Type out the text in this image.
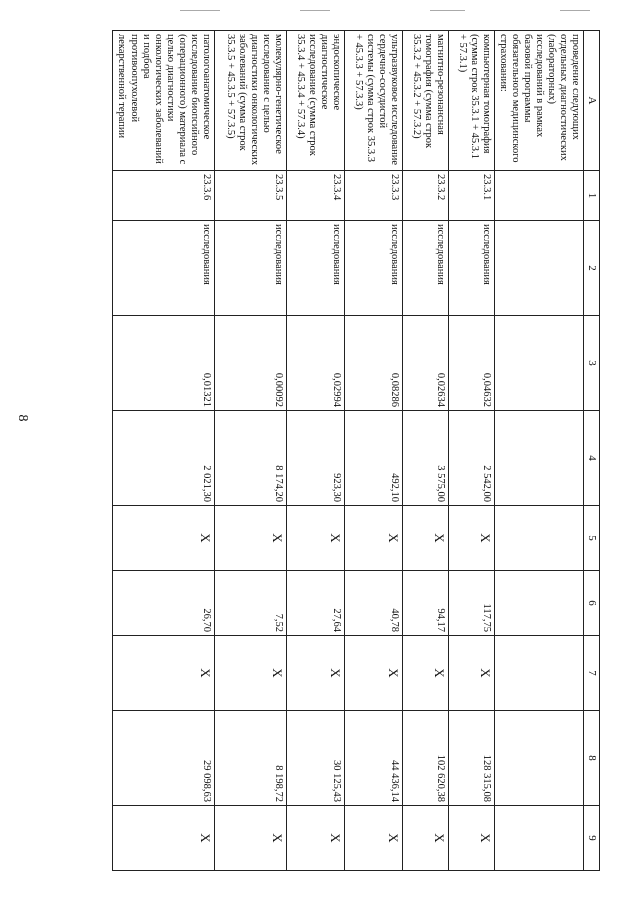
8
А	1	2	3	4	5	6	7	8	9
проведение следующих отдельных диагностических (лабораторных) исследований в рамках базовой программы обязательного медицинского страхования:									
компьютерная томография (сумма строк 35.3.1 + 45.3.1 + 57.3.1)	23.3.1	исследования	0,04632	2 542,00	Х	117,75	Х	128 315,08	Х
магнитно-резонансная томография (сумма строк 35.3.2 + 45.3.2 + 57.3.2)	23.3.2	исследования	0,02634	3 575,00	Х	94,17	Х	102 620,38	Х
ультразвуковое исследование сердечно-сосудистой системы (сумма строк 35.3.3 + 45.3.3 + 57.3.3)	23.3.3	исследования	0,08286	492,10	Х	40,78	Х	44 436,14	Х
эндоскопическое диагностическое исследование (сумма строк 35.3.4 + 45.3.4 + 57.3.4)	23.3.4	исследования	0,02994	923,30	Х	27,64	Х	30 125,43	Х
молекулярно-генетическое исследование с целью диагностики онкологических заболеваний (сумма строк 35.3.5 + 45.3.5 + 57.3.5)	23.3.5	исследования	0,00092	8 174,20	Х	7,52	Х	8 198,72	Х
патологоанатомическое исследование биопсийного (операционного) материала с целью диагностики онкологических заболеваний и подбора противоопухолевой лекарственной терапии	23.3.6	исследования	0,01321	2 021,30	Х	26,70	Х	29 098,63	Х
